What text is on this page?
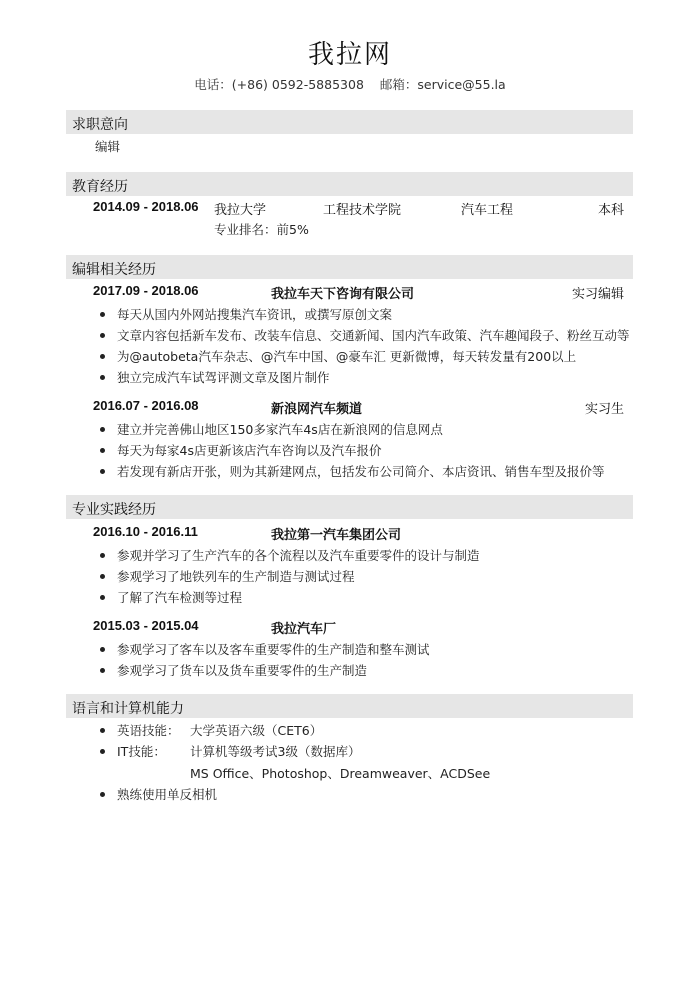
我拉网
电话：(+86) 0592-5885308 邮箱：service@55.la
求职意向
编辑
教育经历
2014.09 - 2018.06 我拉大学	工程技术学院	汽车工程	本科
专业排名：前5%
编辑相关经历
2017.09 - 2018.06	我拉车天下咨询有限公司	实习编辑
每天从国内外网站搜集汽车资讯，或撰写原创文案
文章内容包括新车发布、改装车信息、交通新闻、国内汽车政策、汽车趣闻段子、粉丝互动等
为@autobeta汽车杂志、@汽车中国、@豪车汇 更新微博，每天转发量有200以上
独立完成汽车试驾评测文章及图片制作
2016.07 - 2016.08	新浪网汽车频道	实习生
建立并完善佛山地区150多家汽车4s店在新浪网的信息网点
每天为每家4s店更新该店汽车咨询以及汽车报价
若发现有新店开张，则为其新建网点，包括发布公司简介、本店资讯、销售车型及报价等
专业实践经历
2016.10 - 2016.11	我拉第一汽车集团公司
参观并学习了生产汽车的各个流程以及汽车重要零件的设计与制造
参观学习了地铁列车的生产制造与测试过程
了解了汽车检测等过程
2015.03 - 2015.04	我拉汽车厂
参观学习了客车以及客车重要零件的生产制造和整车测试
参观学习了货车以及货车重要零件的生产制造
语言和计算机能力
英语技能： 大学英语六级（CET6）
IT技能：	计算机等级考试3级（数据库）
MS Office、Photoshop、Dreamweaver、ACDSee
熟练使用单反相机
